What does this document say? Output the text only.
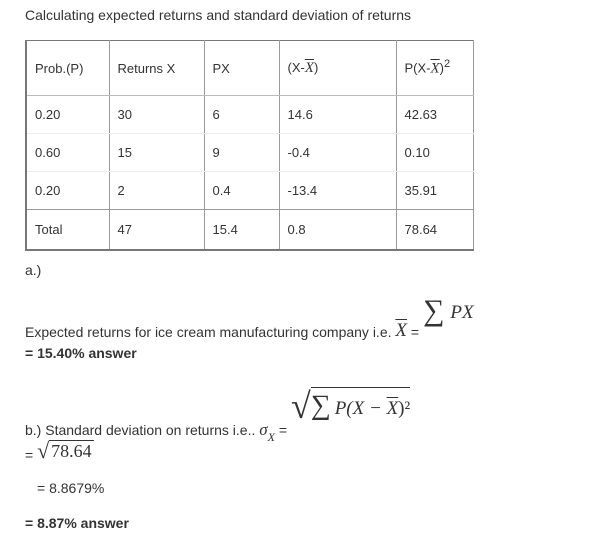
Calculating expected returns and standard deviation of returns
Prob.(P)	Returns X	PX	$(X-\overline{X})$	$P(X-\overline{X})^2$
0.20	30	6	14.6	42.63
0.60	15	9	-0.4	0.10
0.20	2	0.4	-13.4	35.91
Total	47	15.4	0.8	78.64
a.)
Expected returns for ice cream manufacturing company i.e. $\overline{X}$ = ∑ PX
= 15.40% answer
b.) Standard deviation on returns i.e.. $\sigma_X$ = √∑ $P(X - \overline{X})^2$
= √ 78.64
= 8.8679%
= 8.87% answer
